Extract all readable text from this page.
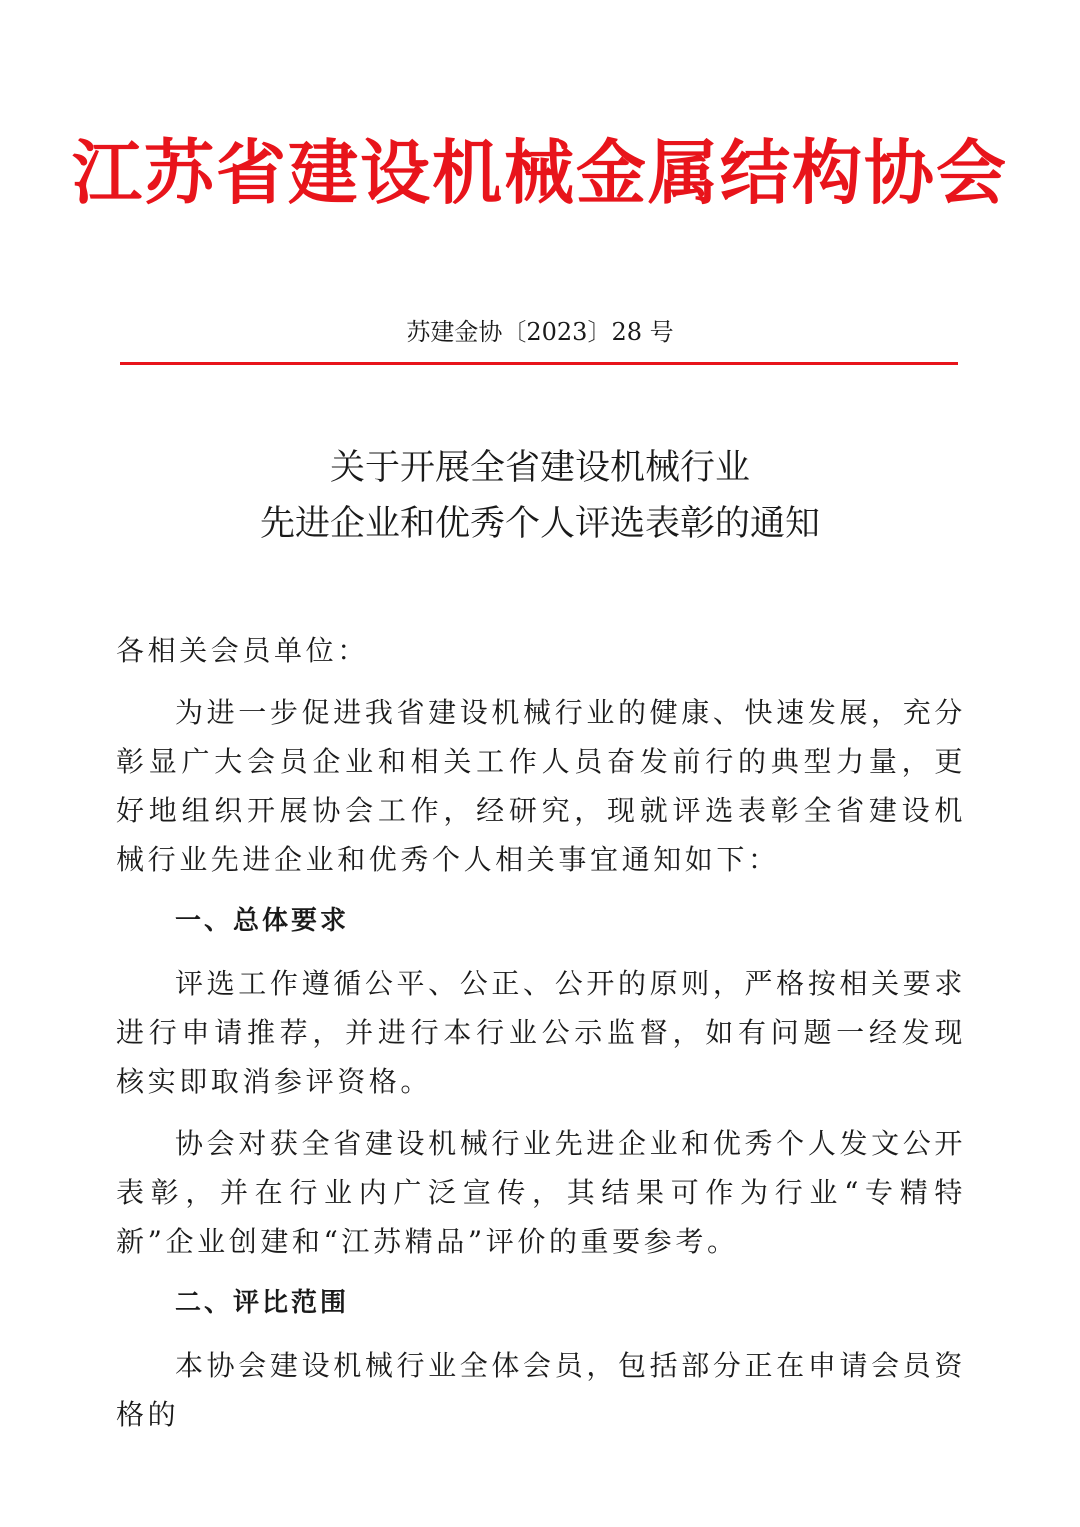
江苏省建设机械金属结构协会
苏建金协〔2023〕28 号
关于开展全省建设机械行业
先进企业和优秀个人评选表彰的通知

各相关会员单位：

为进一步促进我省建设机械行业的健康、快速发展，充分彰显广大会员企业和相关工作人员奋发前行的典型力量，更好地组织开展协会工作，经研究，现就评选表彰全省建设机械行业先进企业和优秀个人相关事宜通知如下：

一、总体要求

评选工作遵循公平、公正、公开的原则，严格按相关要求进行申请推荐，并进行本行业公示监督，如有问题一经发现核实即取消参评资格。

协会对获全省建设机械行业先进企业和优秀个人发文公开表彰，并在行业内广泛宣传，其结果可作为行业“专精特新”企业创建和“江苏精品”评价的重要参考。

二、评比范围

本协会建设机械行业全体会员，包括部分正在申请会员资格的
